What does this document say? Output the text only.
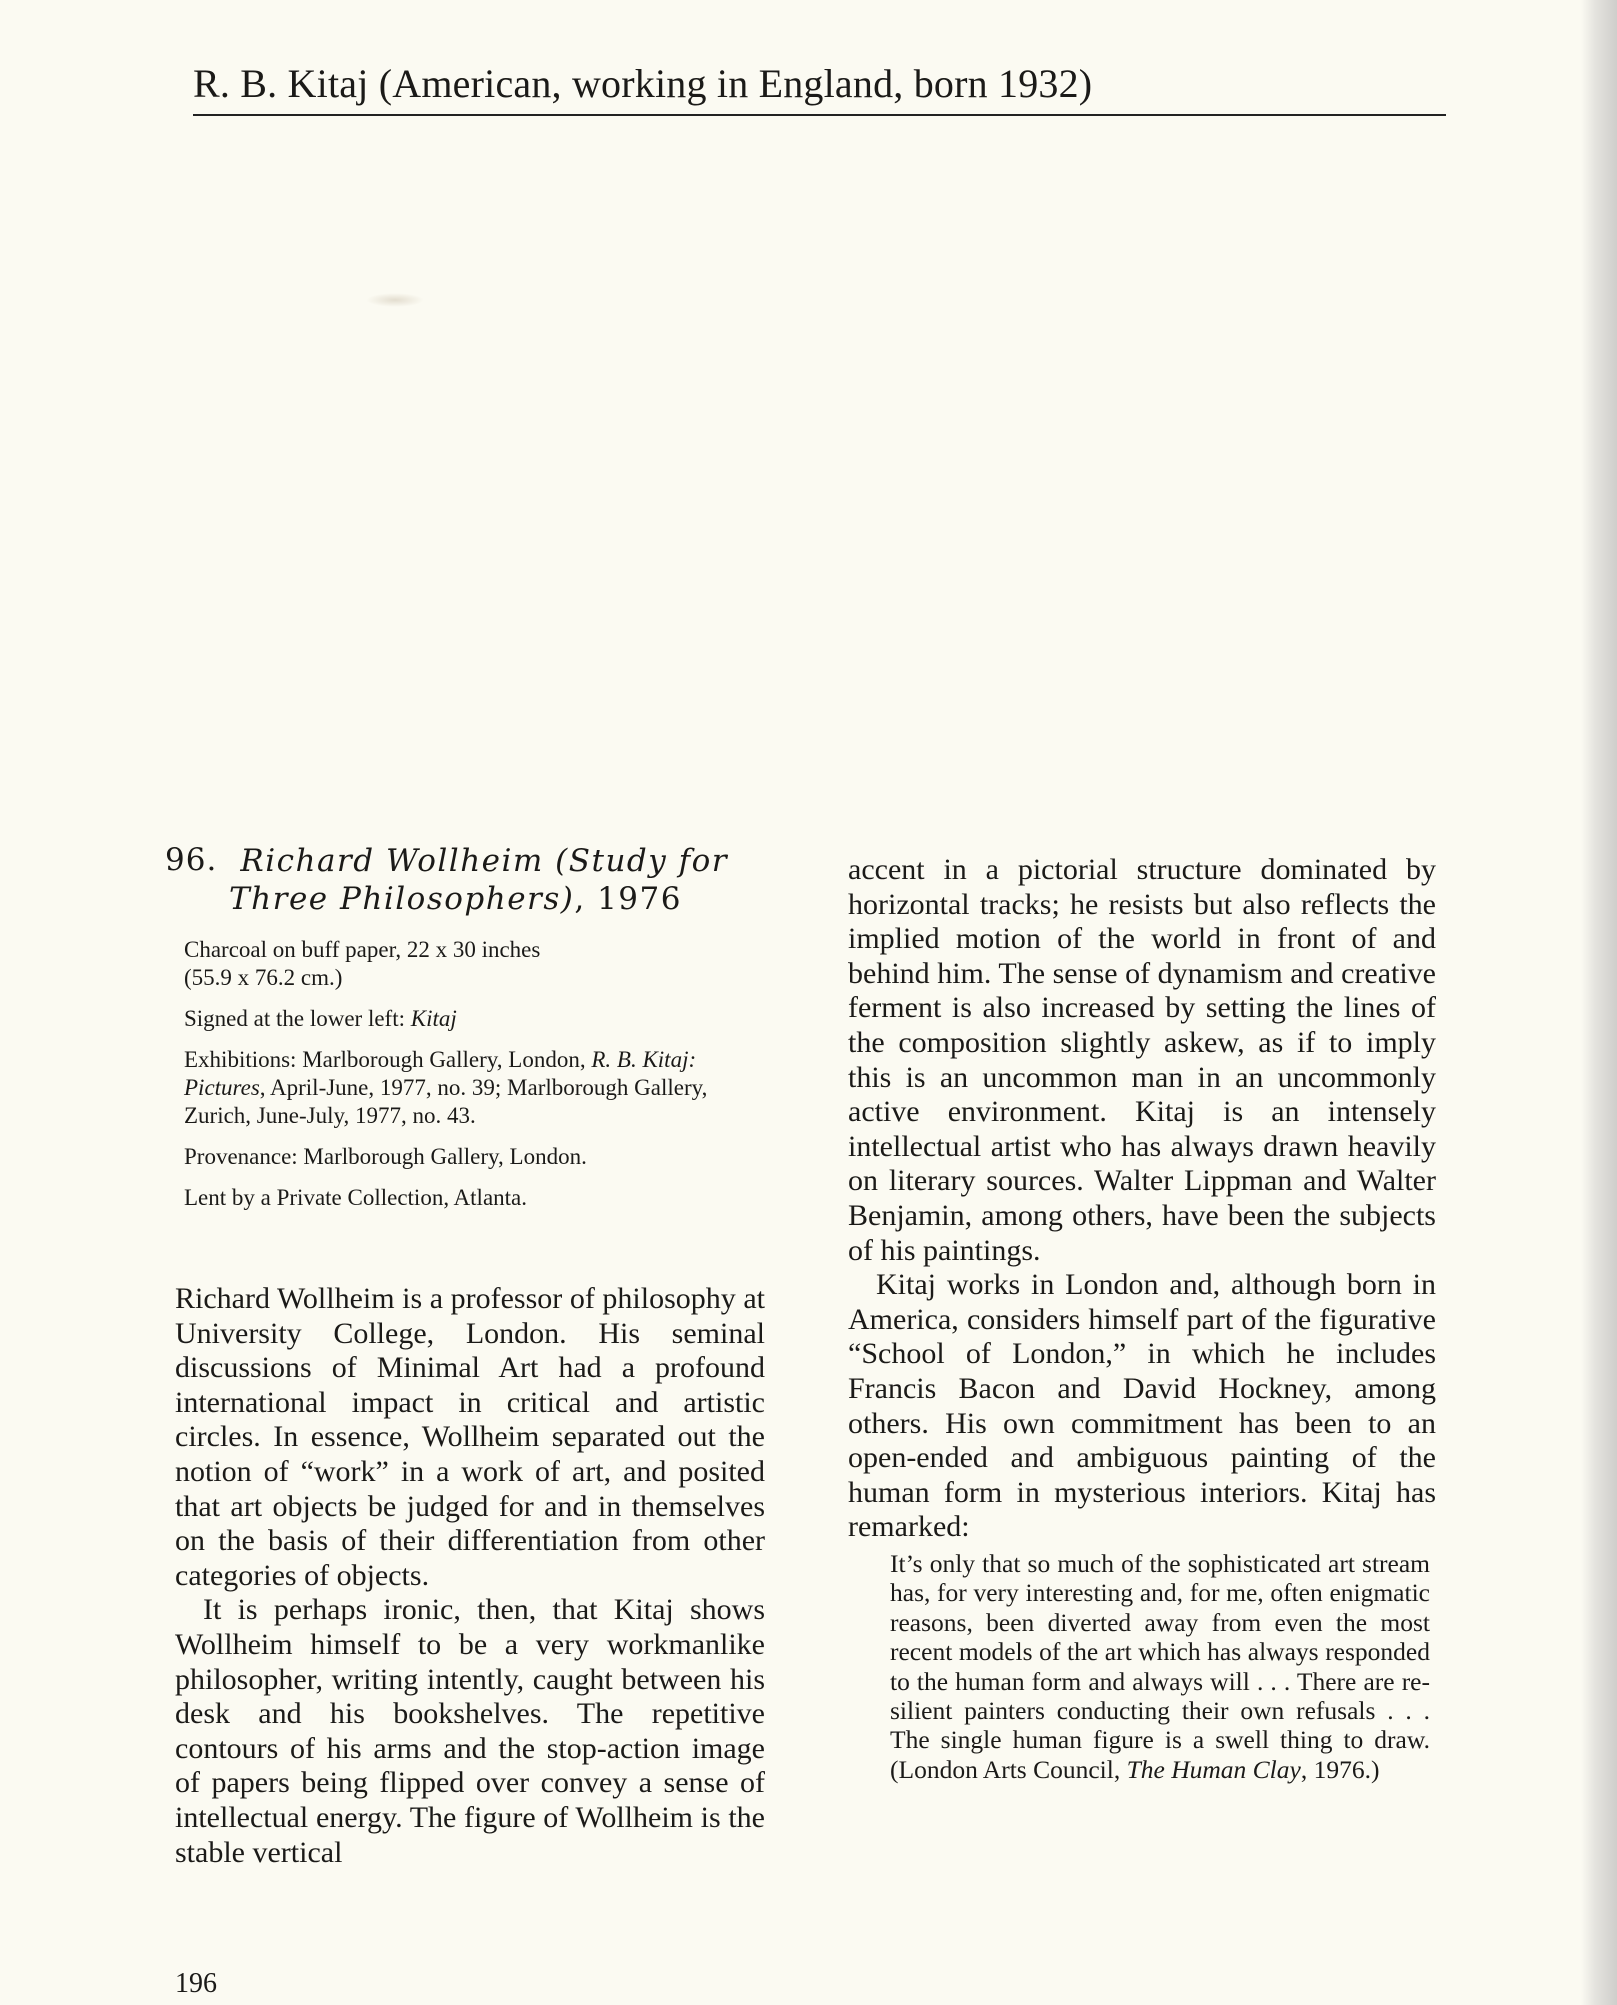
R. B. Kitaj (American, working in England, born 1932)
96. Richard Wollheim (Study for Three Philosophers), 1976

Charcoal on buff paper, 22 x 30 inches
(55.9 x 76.2 cm.)

Signed at the lower left: Kitaj

Exhibitions: Marlborough Gallery, London, R. B. Kitaj: Pictures, April-June, 1977, no. 39; Marlborough Gallery, Zurich, June-July, 1977, no. 43.

Provenance: Marlborough Gallery, London.

Lent by a Private Collection, Atlanta.

Richard Wollheim is a professor of philosophy at University College, London. His seminal discussions of Minimal Art had a profound international impact in critical and artistic circles. In essence, Wollheim separated out the notion of “work” in a work of art, and posited that art objects be judged for and in themselves on the basis of their differentiation from other categories of objects.

It is perhaps ironic, then, that Kitaj shows Wollheim himself to be a very workmanlike philosopher, writing intently, caught between his desk and his bookshelves. The repetitive contours of his arms and the stop-action image of papers being flipped over convey a sense of intellectual energy. The figure of Wollheim is the stable vertical

accent in a pictorial structure dominated by horizontal tracks; he resists but also reflects the implied motion of the world in front of and behind him. The sense of dynamism and creative ferment is also increased by setting the lines of the composition slightly askew, as if to imply this is an uncommon man in an uncommonly active environment. Kitaj is an intensely intellectual artist who has always drawn heavily on literary sources. Walter Lippman and Walter Benjamin, among others, have been the subjects of his paintings.

Kitaj works in London and, although born in America, considers himself part of the figurative “School of London,” in which he includes Francis Bacon and David Hockney, among others. His own commitment has been to an open-ended and ambiguous painting of the human form in mysterious interiors. Kitaj has remarked:

It’s only that so much of the sophisticated art stream has, for very interesting and, for me, often enigmatic reasons, been diverted away from even the most recent models of the art which has always responded to the human form and always will . . . There are resilient painters conducting their own refusals . . . The single human figure is a swell thing to draw. (London Arts Council, The Human Clay, 1976.)

196
